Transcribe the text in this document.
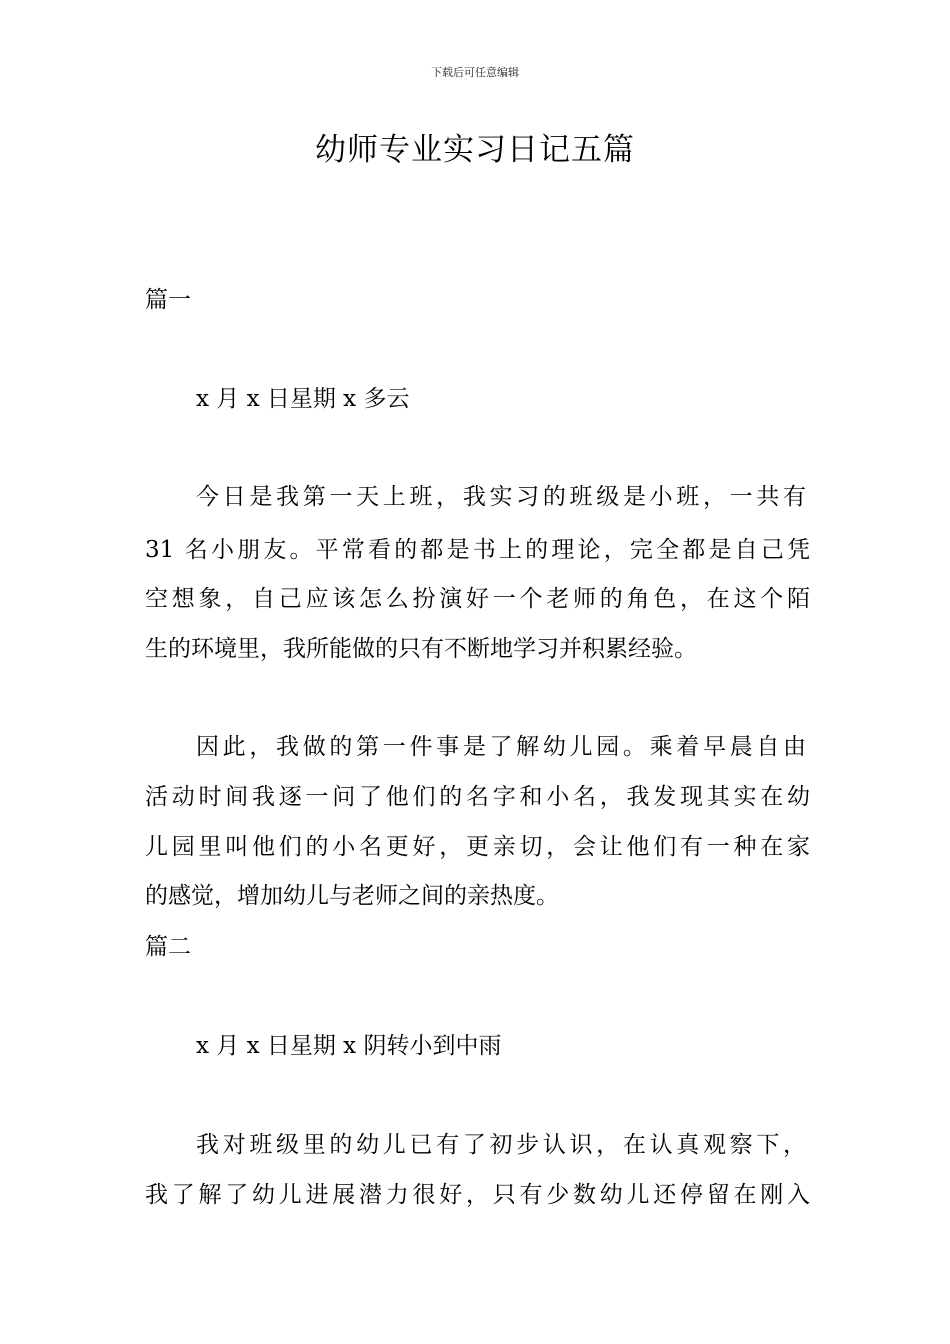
下载后可任意编辑
幼师专业实习日记五篇
篇一
x 月 x 日星期 x 多云
今日是我第一天上班，我实习的班级是小班，一共有
31 名小朋友。平常看的都是书上的理论，完全都是自己凭
空想象，自己应该怎么扮演好一个老师的角色，在这个陌
生的环境里，我所能做的只有不断地学习并积累经验。
因此，我做的第一件事是了解幼儿园。乘着早晨自由
活动时间我逐一问了他们的名字和小名，我发现其实在幼
儿园里叫他们的小名更好，更亲切，会让他们有一种在家
的感觉，增加幼儿与老师之间的亲热度。
篇二
x 月 x 日星期 x 阴转小到中雨
我对班级里的幼儿已有了初步认识，在认真观察下，
我了解了幼儿进展潜力很好，只有少数幼儿还停留在刚入
